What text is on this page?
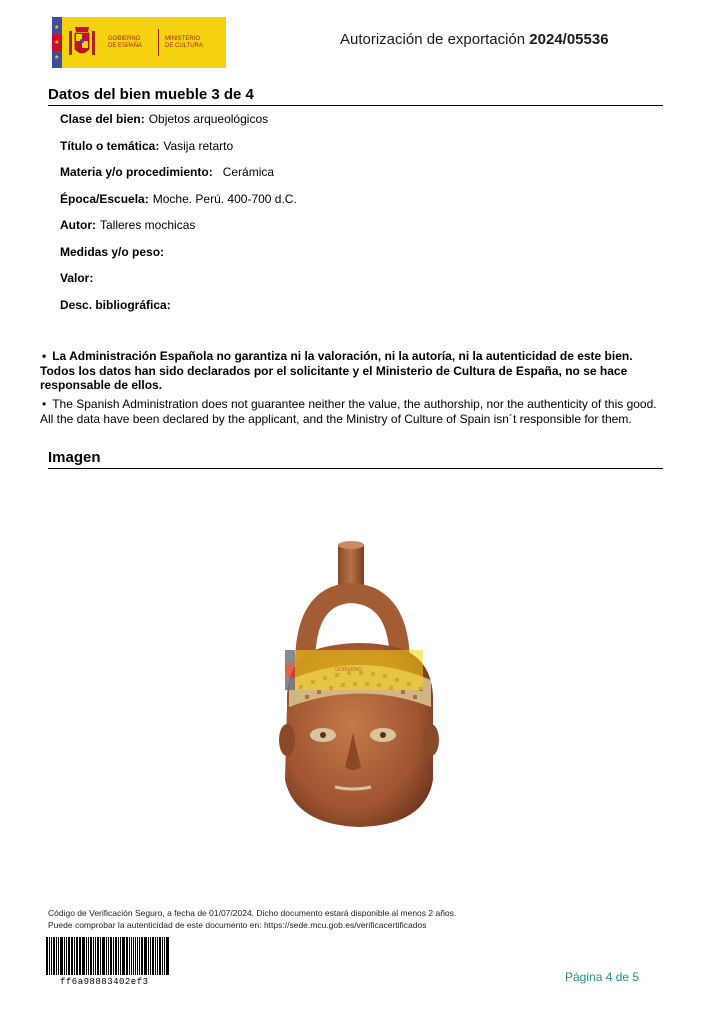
★
★
★
GOBIERNO
DE ESPAÑA
MINISTERIO
DE CULTURA	Autorización de exportación 2024/05536
Datos del bien mueble 3 de 4
Clase del bien: Objetos arqueológicos
Título o temática: Vasija retarto
Materia y/o procedimiento: Cerámica
Época/Escuela: Moche. Perú. 400-700 d.C.
Autor: Talleres mochicas
Medidas y/o peso:
Valor:
Desc. bibliográfica:
• La Administración Española no garantiza ni la valoración, ni la autoría, ni la autenticidad de este bien. Todos los datos han sido declarados por el solicitante y el Ministerio de Cultura de España, no se hace responsable de ellos.
• The Spanish Administration does not guarantee neither the value, the authorship, nor the authenticity of this good. All the data have been declared by the applicant, and the Ministry of Culture of Spain isn´t responsible for them.
Imagen
GOBIERNO
Código de Verificación Seguro, a fecha de 01/07/2024. Dicho documento estará disponible al menos 2 años.
Puede comprobar la autenticidad de este documento en: https://sede.mcu.gob.es/verificacertificados
ff6a98883402ef3	Página 4 de 5
